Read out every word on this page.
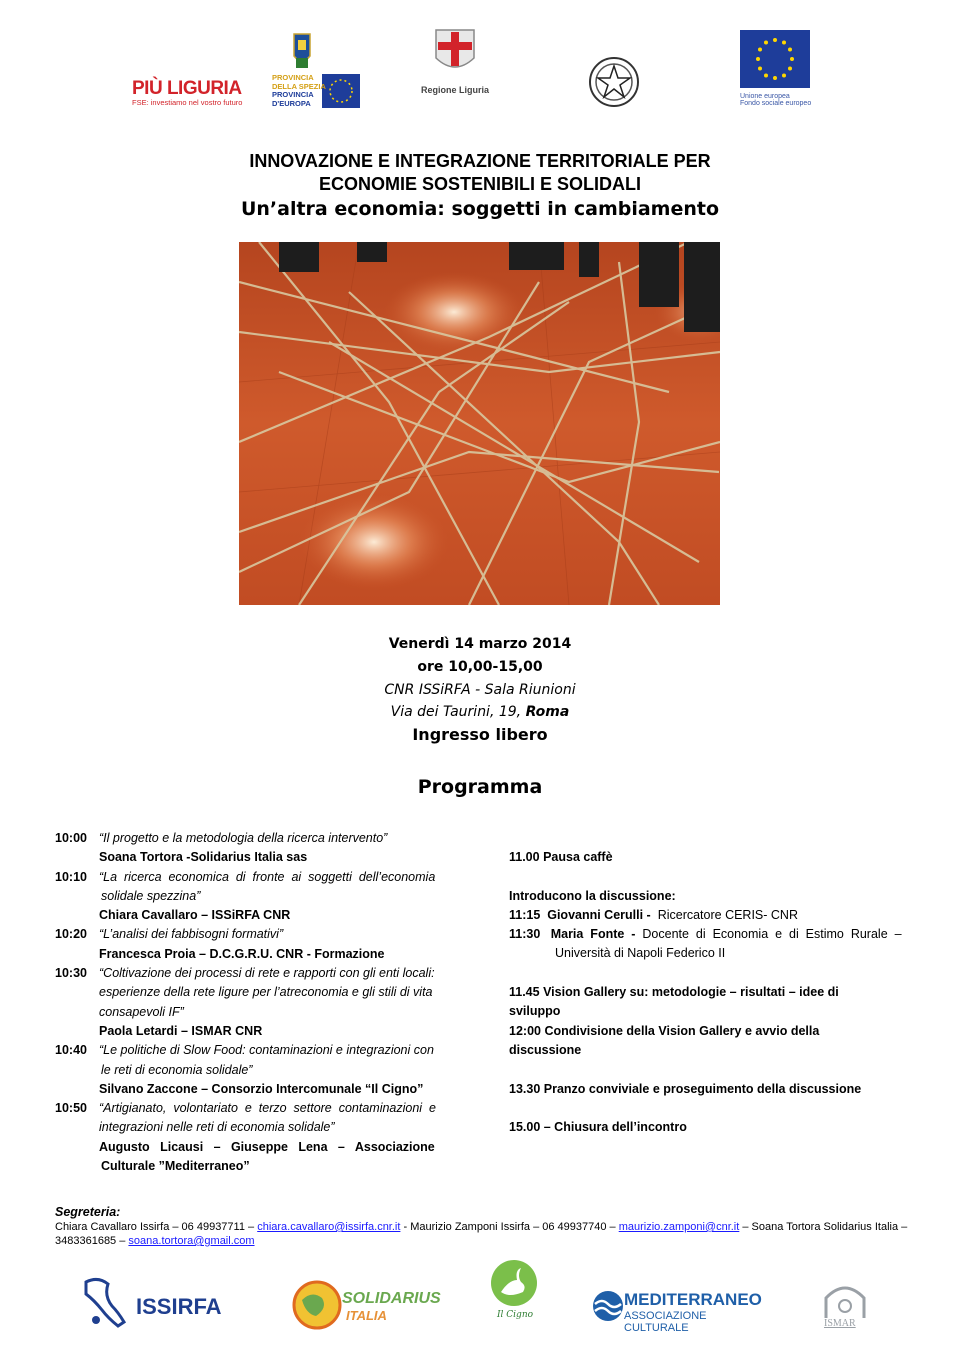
PIÙ LIGURIA
FSE: investiamo nel vostro futuro
PROVINCIA
DELLA SPEZIA
PROVINCIA
D'EUROPA
Regione Liguria
Unione europea
Fondo sociale europeo
INNOVAZIONE E INTEGRAZIONE TERRITORIALE PER
ECONOMIE SOSTENIBILI E SOLIDALI
Un’altra economia: soggetti in cambiamento
Venerdì 14 marzo 2014
ore 10,00-15,00
CNR ISSiRFA - Sala Riunioni
Via dei Taurini, 19, Roma
Ingresso libero
Programma
10:00 “Il progetto e la metodologia della ricerca intervento”
Soana Tortora -Solidarius Italia sas
10:10 “La  ricerca  economica  di  fronte  ai  soggetti  dell’economia
solidale spezzina”
Chiara Cavallaro – ISSiRFA CNR
10:20 “L’analisi dei fabbisogni formativi”
Francesca Proia – D.C.G.R.U. CNR - Formazione
10:30 “Coltivazione dei processi di rete e rapporti con gli enti locali:
esperienze della rete ligure per l’atreconomia e gli stili di vita
consapevoli IF”
Paola Letardi – ISMAR CNR
10:40 “Le politiche di Slow Food: contaminazioni e integrazioni con
le reti di economia solidale”
Silvano Zaccone – Consorzio Intercomunale “Il Cigno”
10:50 “Artigianato,  volontariato  e  terzo  settore  contaminazioni  e
integrazioni nelle reti di economia solidale”
Augusto   Licausi   –   Giuseppe   Lena   –   Associazione
Culturale ”Mediterraneo”
11.00 Pausa caffè

Introducono la discussione:
11:15 Giovanni Cerulli - Ricercatore CERIS- CNR
11:30 Maria  Fonte  - Docente  di  Economia  e  di  Estimo  Rurale  –
Università di Napoli Federico II

11.45 Vision Gallery su: metodologie – risultati – idee di
sviluppo
12:00 Condivisione della Vision Gallery e avvio della
discussione

13.30 Pranzo conviviale e proseguimento della discussione

15.00 – Chiusura dell’incontro
Segreteria:
Chiara Cavallaro Issirfa – 06 49937711 – chiara.cavallaro@issirfa.cnr.it - Maurizio Zamponi Issirfa – 06 49937740 – maurizio.zamponi@cnr.it – Soana Tortora Solidarius Italia – 3483361685 – soana.tortora@gmail.com
ISSIRFA	SOLIDARIUS
ITALIA	Il Cigno
MEDITERRANEO
ASSOCIAZIONE CULTURALE	ISMAR
